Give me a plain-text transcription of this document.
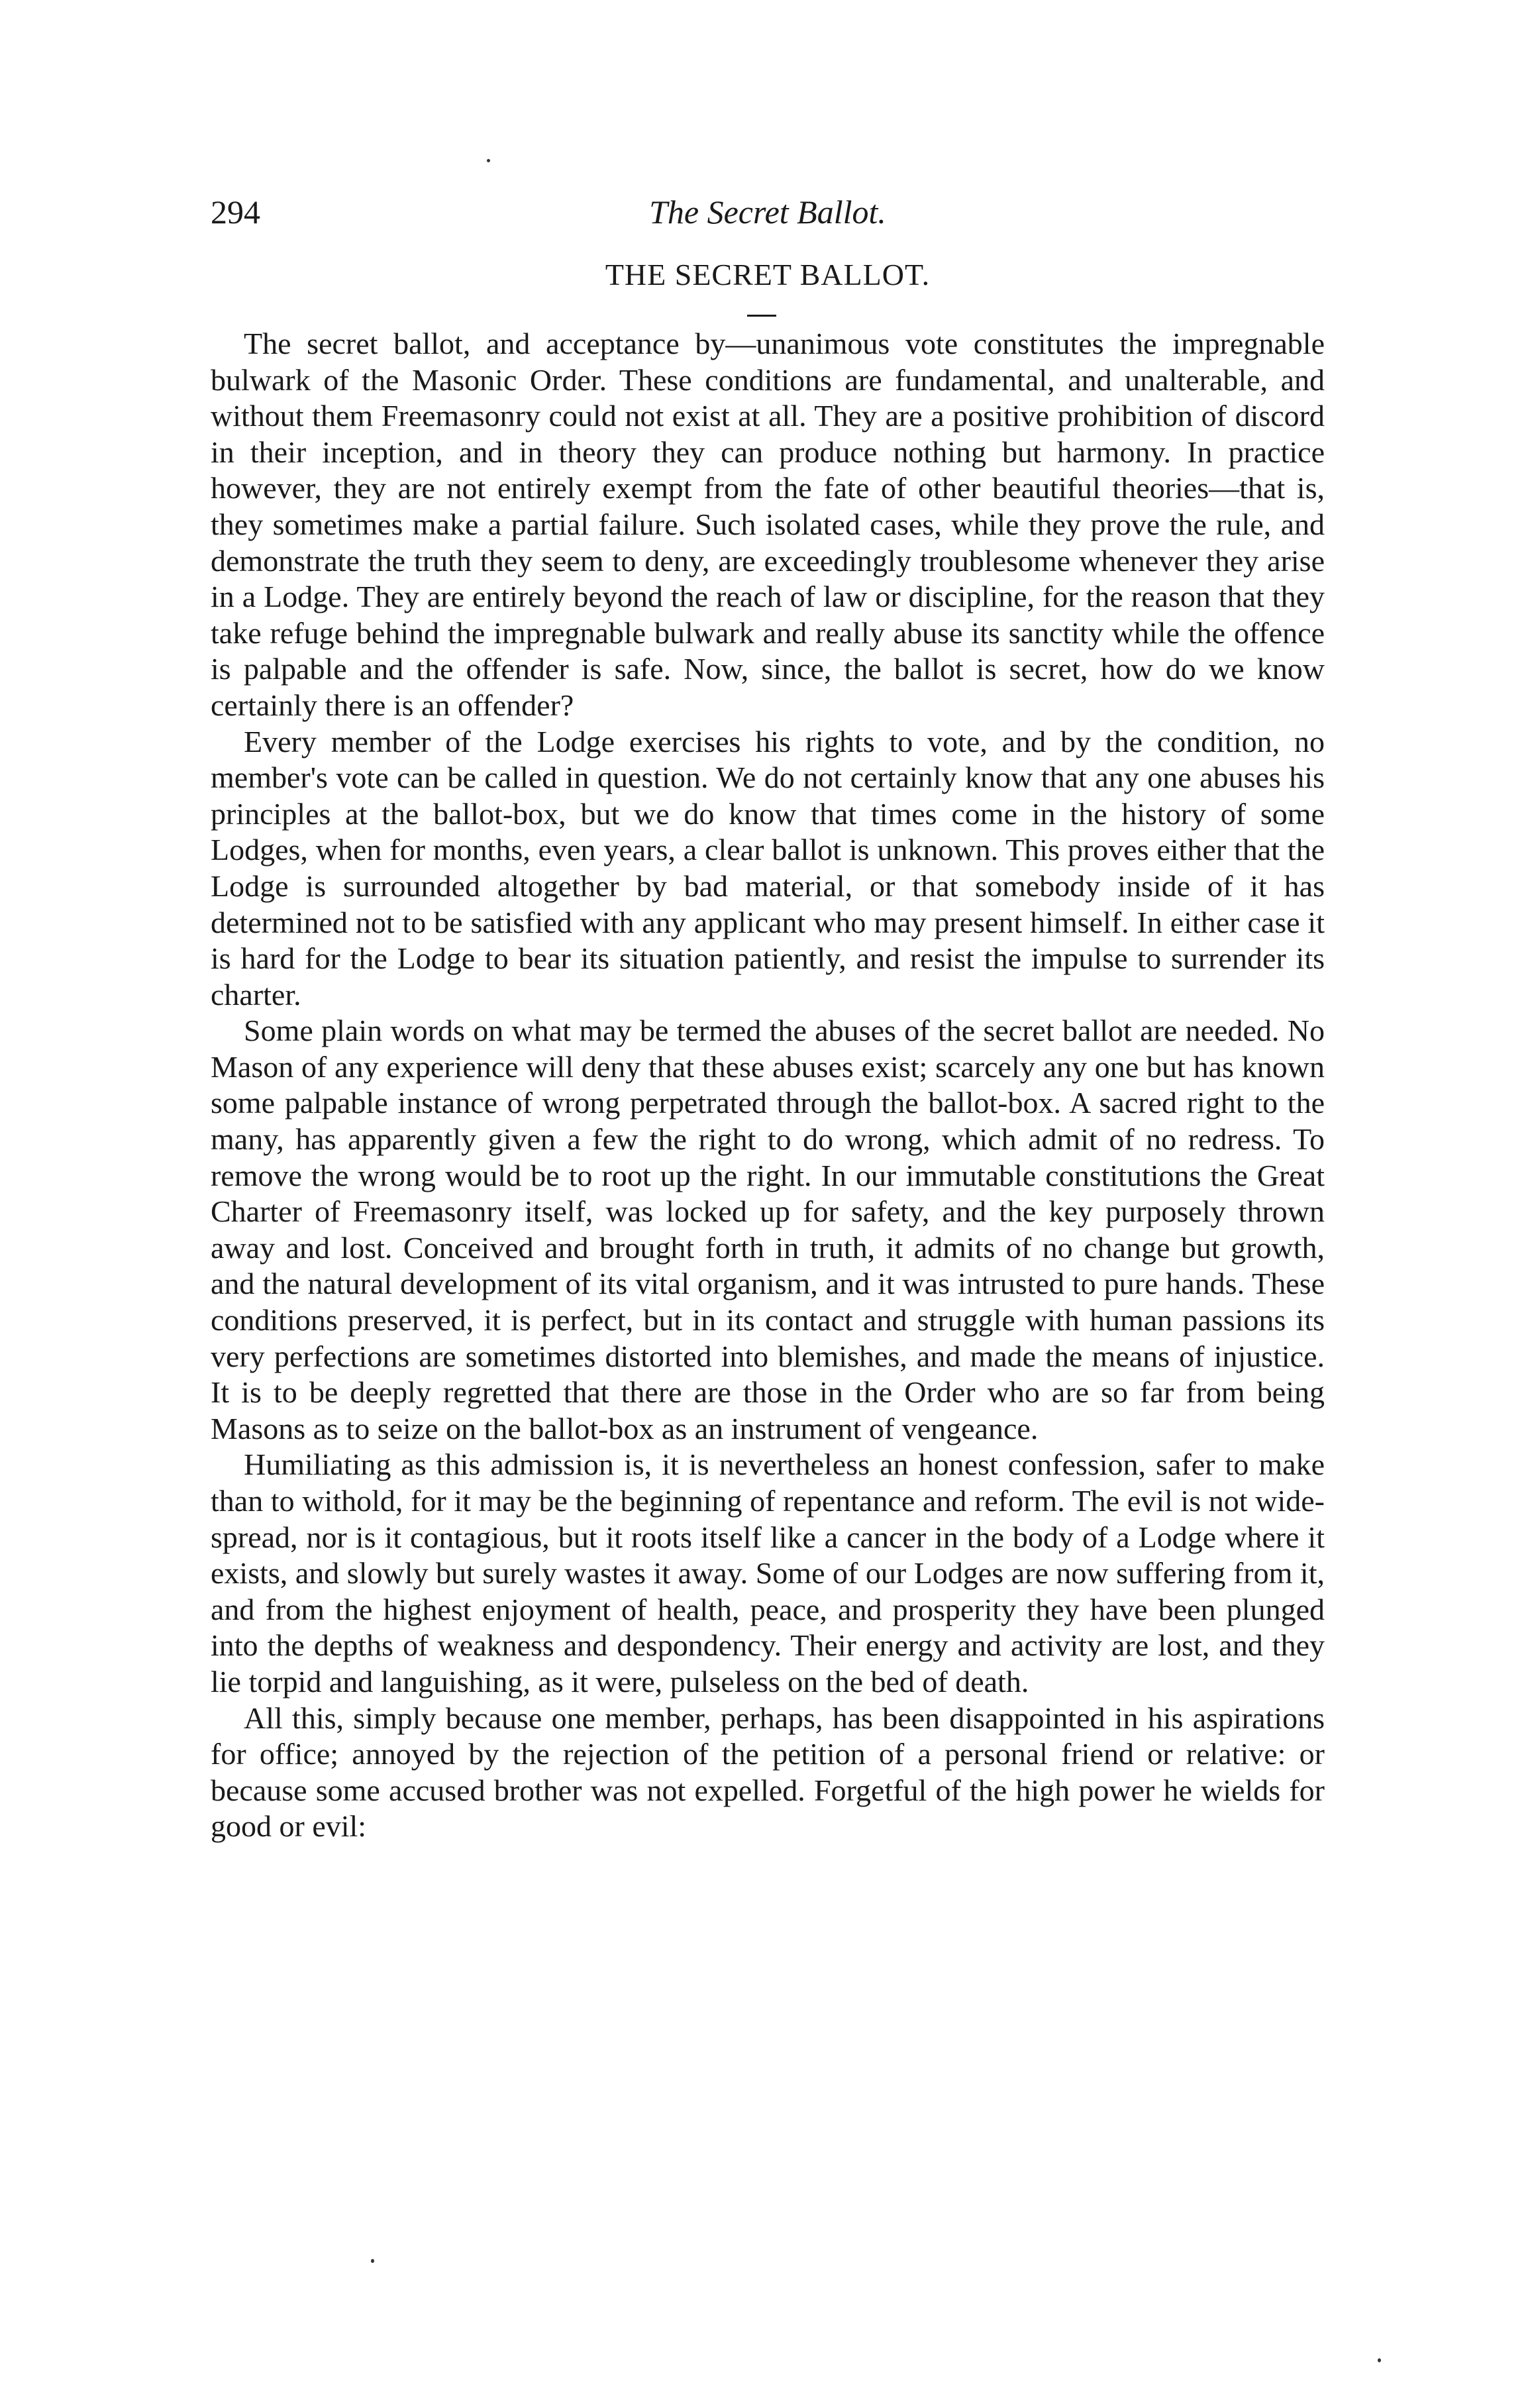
294	The Secret Ballot.
THE SECRET BALLOT.

The secret ballot, and acceptance by—unanimous vote constitutes the impregnable bulwark of the Masonic Order. These conditions are fundamental, and unalterable, and without them Freemasonry could not exist at all. They are a positive prohibition of discord in their inception, and in theory they can produce nothing but harmony. In practice however, they are not entirely exempt from the fate of other beautiful theories—that is, they sometimes make a partial failure. Such isolated cases, while they prove the rule, and demonstrate the truth they seem to deny, are exceedingly troublesome whenever they arise in a Lodge. They are entirely beyond the reach of law or discipline, for the reason that they take refuge behind the impregnable bulwark and really abuse its sanctity while the offence is palpable and the offender is safe. Now, since, the ballot is secret, how do we know certainly there is an offender?

Every member of the Lodge exercises his rights to vote, and by the condition, no member's vote can be called in question. We do not certainly know that any one abuses his principles at the ballot-box, but we do know that times come in the history of some Lodges, when for months, even years, a clear ballot is unknown. This proves either that the Lodge is surrounded altogether by bad material, or that somebody inside of it has determined not to be satisfied with any applicant who may present himself. In either case it is hard for the Lodge to bear its situation patiently, and resist the impulse to surrender its charter.

Some plain words on what may be termed the abuses of the secret ballot are needed. No Mason of any experience will deny that these abuses exist; scarcely any one but has known some palpable instance of wrong perpetrated through the ballot-box. A sacred right to the many, has apparently given a few the right to do wrong, which admit of no redress. To remove the wrong would be to root up the right. In our immutable constitutions the Great Charter of Freemasonry itself, was locked up for safety, and the key purposely thrown away and lost. Conceived and brought forth in truth, it admits of no change but growth, and the natural development of its vital organism, and it was intrusted to pure hands. These conditions preserved, it is perfect, but in its contact and struggle with human passions its very perfections are sometimes distorted into blemishes, and made the means of injustice. It is to be deeply regretted that there are those in the Order who are so far from being Masons as to seize on the ballot-box as an instrument of vengeance.

Humiliating as this admission is, it is nevertheless an honest confession, safer to make than to withold, for it may be the beginning of repentance and reform. The evil is not wide-spread, nor is it contagious, but it roots itself like a cancer in the body of a Lodge where it exists, and slowly but surely wastes it away. Some of our Lodges are now suffering from it, and from the highest enjoyment of health, peace, and prosperity they have been plunged into the depths of weakness and despondency. Their energy and activity are lost, and they lie torpid and languishing, as it were, pulseless on the bed of death.

All this, simply because one member, perhaps, has been disappointed in his aspirations for office; annoyed by the rejection of the petition of a personal friend or relative: or because some accused brother was not expelled. Forgetful of the high power he wields for good or evil:
